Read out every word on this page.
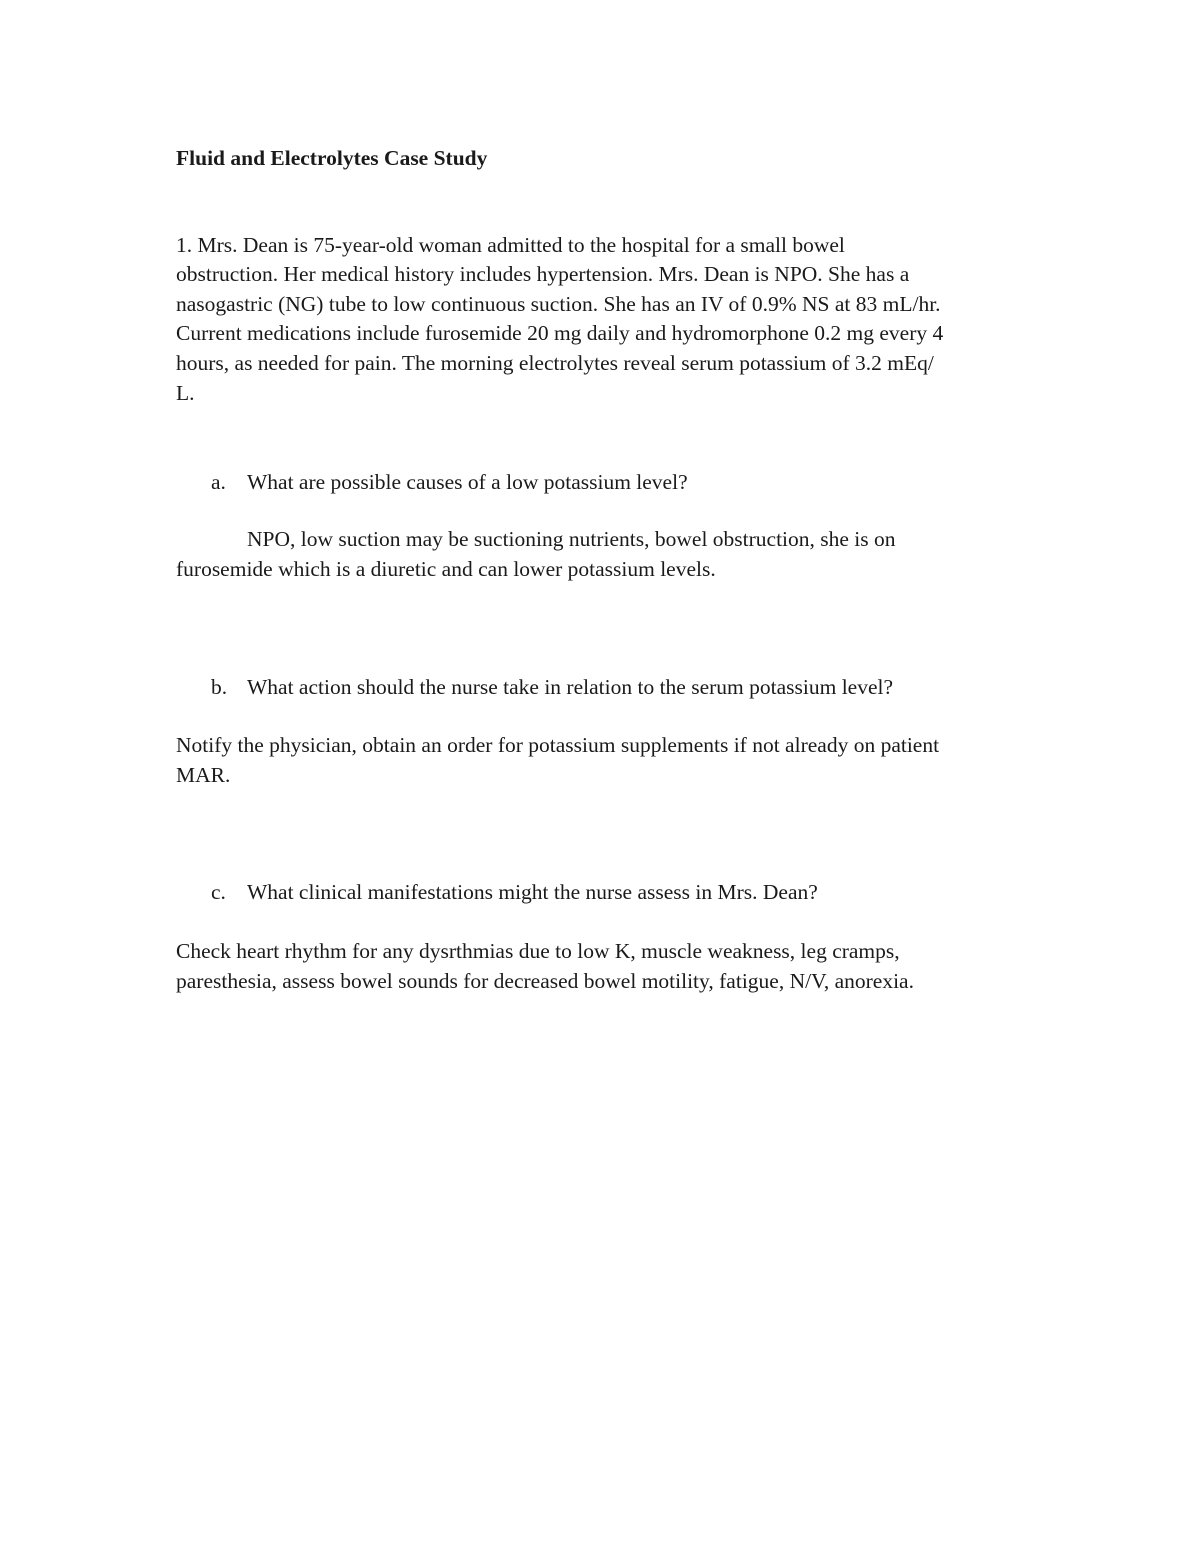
Fluid and Electrolytes Case Study
1. Mrs. Dean is 75-year-old woman admitted to the hospital for a small bowel
obstruction. Her medical history includes hypertension. Mrs. Dean is NPO. She has a
nasogastric (NG) tube to low continuous suction. She has an IV of 0.9% NS at 83 mL/hr.
Current medications include furosemide 20 mg daily and hydromorphone 0.2 mg every 4
hours, as needed for pain. The morning electrolytes reveal serum potassium of 3.2 mEq/
L.
a. What are possible causes of a low potassium level?
NPO, low suction may be suctioning nutrients, bowel obstruction, she is on
furosemide which is a diuretic and can lower potassium levels.
b. What action should the nurse take in relation to the serum potassium level?
Notify the physician, obtain an order for potassium supplements if not already on patient
MAR.
c. What clinical manifestations might the nurse assess in Mrs. Dean?
Check heart rhythm for any dysrthmias due to low K, muscle weakness, leg cramps,
paresthesia, assess bowel sounds for decreased bowel motility, fatigue, N/V, anorexia.
